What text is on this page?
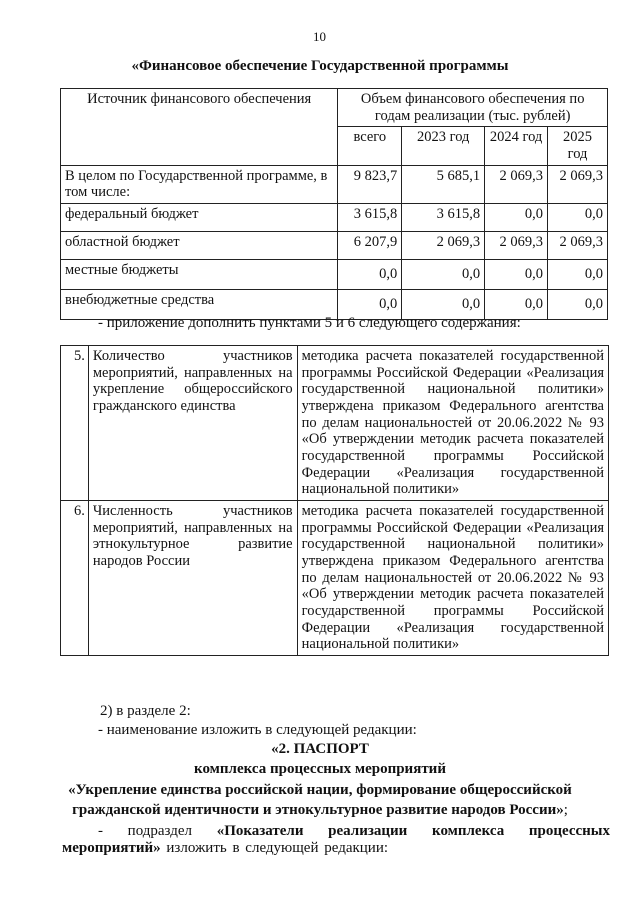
10
«Финансовое обеспечение Государственной программы
Источник финансового обеспечения	Объем финансового обеспечения по годам реализации (тыс. рублей)			
	всего	2023 год	2024 год	2025 год
В целом по Государственной программе, в том числе:	9 823,7	5 685,1	2 069,3	2 069,3
федеральный бюджет	3 615,8	3 615,8	0,0	0,0
областной бюджет	6 207,9	2 069,3	2 069,3	2 069,3
местные бюджеты	0,0	0,0	0,0	0,0
внебюджетные средства	0,0	0,0	0,0	0,0
- приложение дополнить пунктами 5 и 6 следующего содержания:
5.	Количество участников мероприятий, направленных на укрепление общероссийского гражданского единства	методика расчета показателей государственной программы Российской Федерации «Реализация государственной национальной политики» утверждена приказом Федерального агентства по делам национальностей от 20.06.2022 № 93 «Об утверждении методик расчета показателей государственной программы Российской Федерации «Реализация государственной национальной политики»
6.	Численность участников мероприятий, направленных на этнокультурное развитие народов России	методика расчета показателей государственной программы Российской Федерации «Реализация государственной национальной политики» утверждена приказом Федерального агентства по делам национальностей от 20.06.2022 № 93 «Об утверждении методик расчета показателей государственной программы Российской Федерации «Реализация государственной национальной политики»
2) в разделе 2:
- наименование изложить в следующей редакции:
«2. ПАСПОРТ
комплекса процессных мероприятий
«Укрепление единства российской нации, формирование общероссийской
гражданской идентичности и этнокультурное развитие народов России»;
- подраздел «Показатели реализации комплекса процессных мероприятий» изложить в следующей редакции:
